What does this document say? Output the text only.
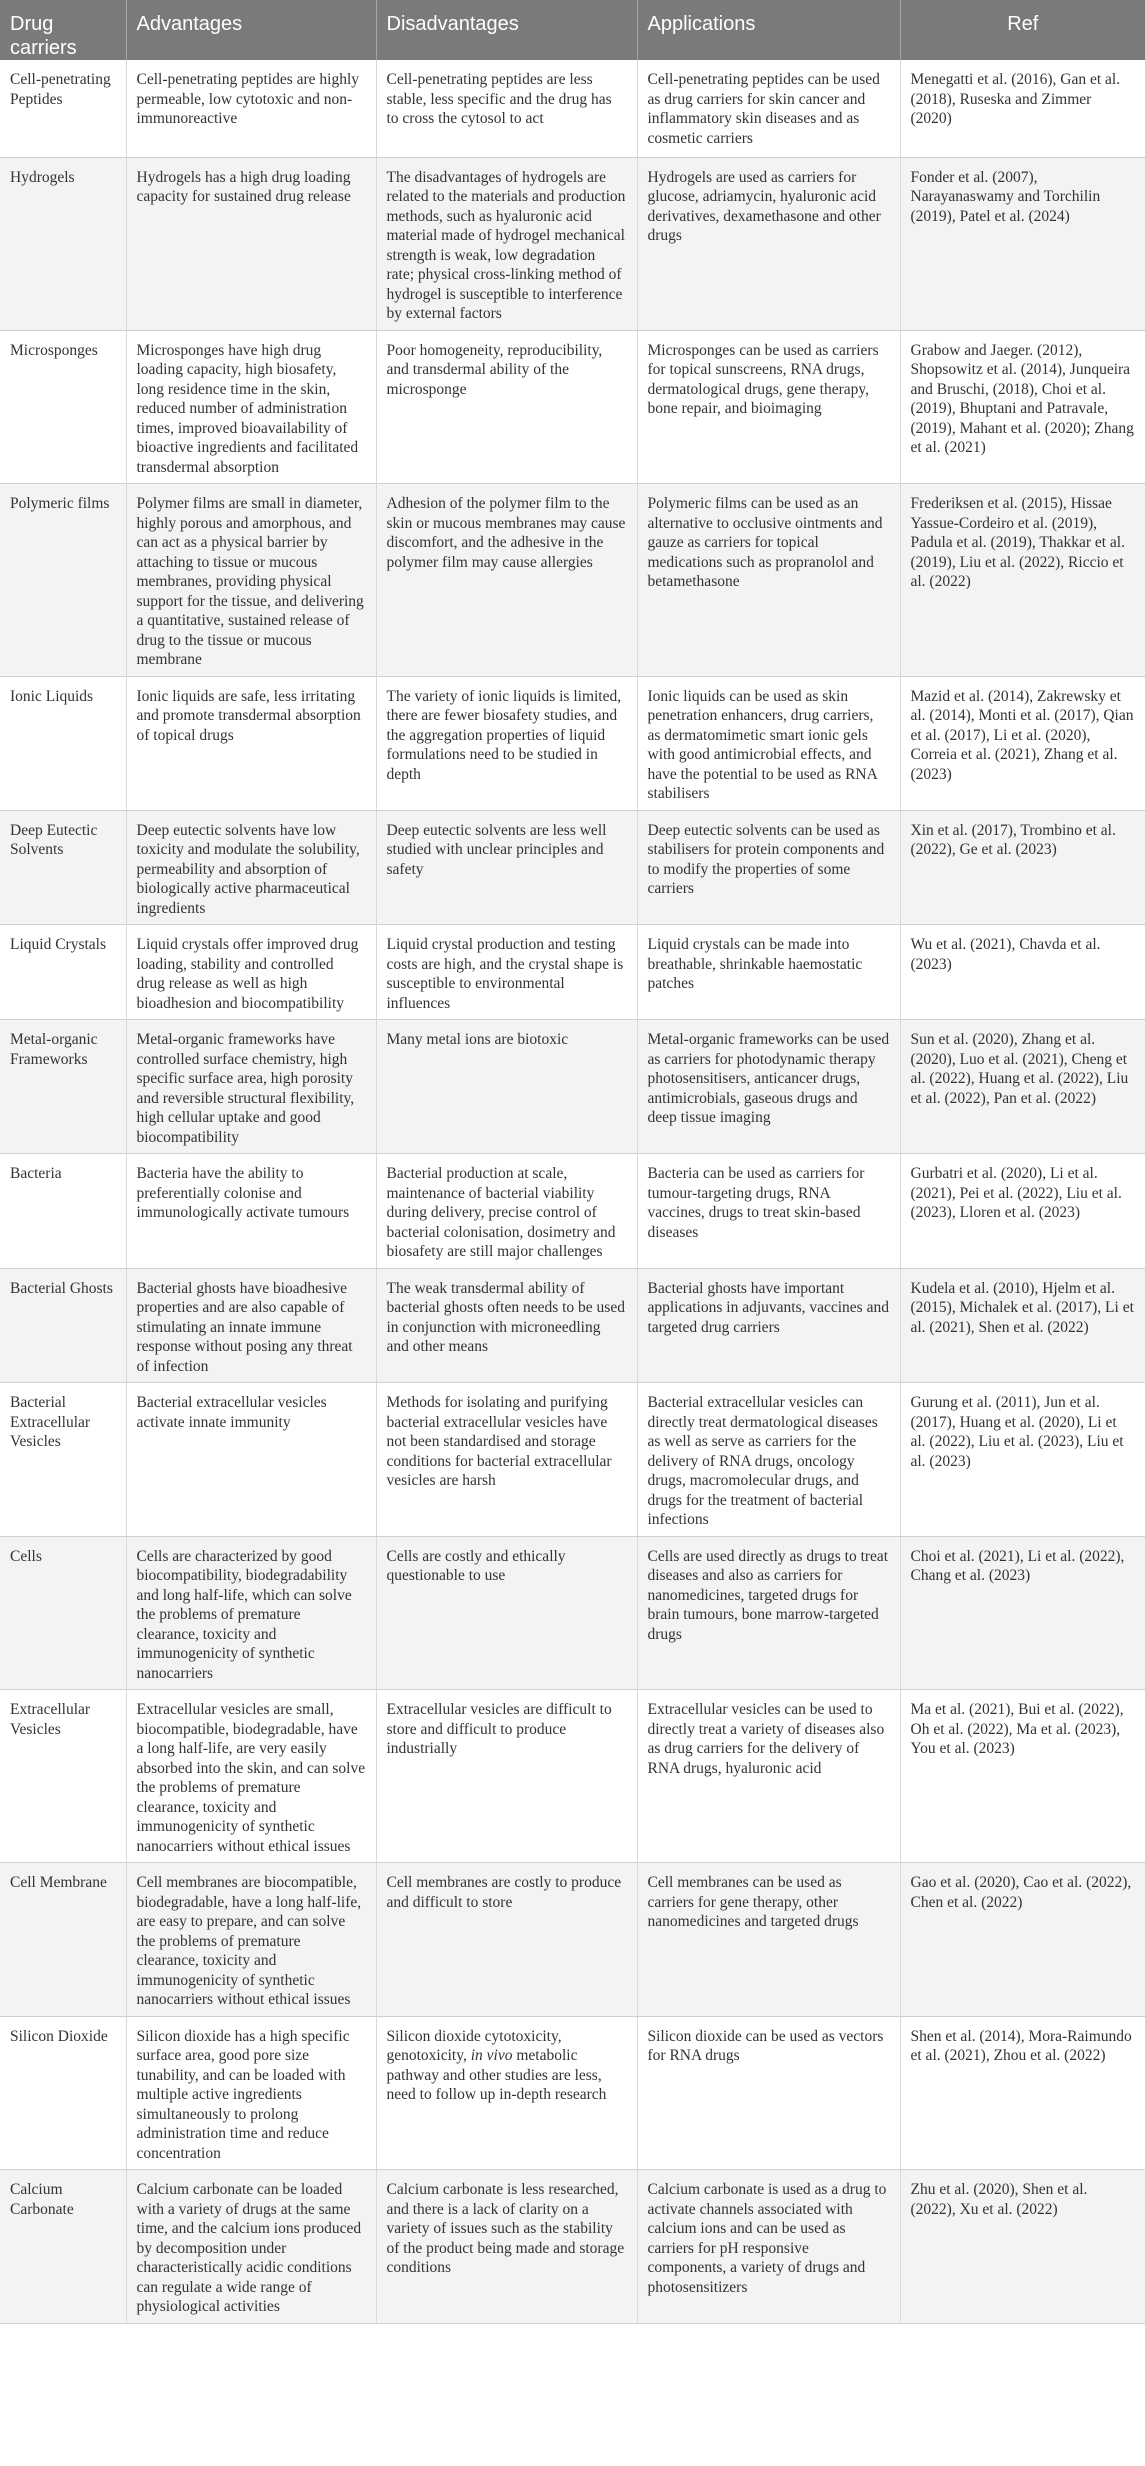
Drug carriers	Advantages	Disadvantages	Applications	Ref
Cell-penetrating Peptides	Cell-penetrating peptides are highly permeable, low cytotoxic and non-immunoreactive	Cell-penetrating peptides are less stable, less specific and the drug has to cross the cytosol to act	Cell-penetrating peptides can be used as drug carriers for skin cancer and inflammatory skin diseases and as cosmetic carriers	Menegatti et al. (2016), Gan et al. (2018), Ruseska and Zimmer (2020)
Hydrogels	Hydrogels has a high drug loading capacity for sustained drug release	The disadvantages of hydrogels are related to the materials and production methods, such as hyaluronic acid material made of hydrogel mechanical strength is weak, low degradation rate; physical cross-linking method of hydrogel is susceptible to interference by external factors	Hydrogels are used as carriers for glucose, adriamycin, hyaluronic acid derivatives, dexamethasone and other drugs	Fonder et al. (2007), Narayanaswamy and Torchilin (2019), Patel et al. (2024)
Microsponges	Microsponges have high drug loading capacity, high biosafety, long residence time in the skin, reduced number of administration times, improved bioavailability of bioactive ingredients and facilitated transdermal absorption	Poor homogeneity, reproducibility, and transdermal ability of the microsponge	Microsponges can be used as carriers for topical sunscreens, RNA drugs, dermatological drugs, gene therapy, bone repair, and bioimaging	Grabow and Jaeger. (2012), Shopsowitz et al. (2014), Junqueira and Bruschi, (2018), Choi et al. (2019), Bhuptani and Patravale, (2019), Mahant et al. (2020); Zhang et al. (2021)
Polymeric films	Polymer films are small in diameter, highly porous and amorphous, and can act as a physical barrier by attaching to tissue or mucous membranes, providing physical support for the tissue, and delivering a quantitative, sustained release of drug to the tissue or mucous membrane	Adhesion of the polymer film to the skin or mucous membranes may cause discomfort, and the adhesive in the polymer film may cause allergies	Polymeric films can be used as an alternative to occlusive ointments and gauze as carriers for topical medications such as propranolol and betamethasone	Frederiksen et al. (2015), Hissae Yassue-Cordeiro et al. (2019), Padula et al. (2019), Thakkar et al. (2019), Liu et al. (2022), Riccio et al. (2022)
Ionic Liquids	Ionic liquids are safe, less irritating and promote transdermal absorption of topical drugs	The variety of ionic liquids is limited, there are fewer biosafety studies, and the aggregation properties of liquid formulations need to be studied in depth	Ionic liquids can be used as skin penetration enhancers, drug carriers, as dermatomimetic smart ionic gels with good antimicrobial effects, and have the potential to be used as RNA stabilisers	Mazid et al. (2014), Zakrewsky et al. (2014), Monti et al. (2017), Qian et al. (2017), Li et al. (2020), Correia et al. (2021), Zhang et al. (2023)
Deep Eutectic Solvents	Deep eutectic solvents have low toxicity and modulate the solubility, permeability and absorption of biologically active pharmaceutical ingredients	Deep eutectic solvents are less well studied with unclear principles and safety	Deep eutectic solvents can be used as stabilisers for protein components and to modify the properties of some carriers	Xin et al. (2017), Trombino et al. (2022), Ge et al. (2023)
Liquid Crystals	Liquid crystals offer improved drug loading, stability and controlled drug release as well as high bioadhesion and biocompatibility	Liquid crystal production and testing costs are high, and the crystal shape is susceptible to environmental influences	Liquid crystals can be made into breathable, shrinkable haemostatic patches	Wu et al. (2021), Chavda et al. (2023)
Metal-organic Frameworks	Metal-organic frameworks have controlled surface chemistry, high specific surface area, high porosity and reversible structural flexibility, high cellular uptake and good biocompatibility	Many metal ions are biotoxic	Metal-organic frameworks can be used as carriers for photodynamic therapy photosensitisers, anticancer drugs, antimicrobials, gaseous drugs and deep tissue imaging	Sun et al. (2020), Zhang et al. (2020), Luo et al. (2021), Cheng et al. (2022), Huang et al. (2022), Liu et al. (2022), Pan et al. (2022)
Bacteria	Bacteria have the ability to preferentially colonise and immunologically activate tumours	Bacterial production at scale, maintenance of bacterial viability during delivery, precise control of bacterial colonisation, dosimetry and biosafety are still major challenges	Bacteria can be used as carriers for tumour-targeting drugs, RNA vaccines, drugs to treat skin-based diseases	Gurbatri et al. (2020), Li et al. (2021), Pei et al. (2022), Liu et al. (2023), Lloren et al. (2023)
Bacterial Ghosts	Bacterial ghosts have bioadhesive properties and are also capable of stimulating an innate immune response without posing any threat of infection	The weak transdermal ability of bacterial ghosts often needs to be used in conjunction with microneedling and other means	Bacterial ghosts have important applications in adjuvants, vaccines and targeted drug carriers	Kudela et al. (2010), Hjelm et al. (2015), Michalek et al. (2017), Li et al. (2021), Shen et al. (2022)
Bacterial Extracellular Vesicles	Bacterial extracellular vesicles activate innate immunity	Methods for isolating and purifying bacterial extracellular vesicles have not been standardised and storage conditions for bacterial extracellular vesicles are harsh	Bacterial extracellular vesicles can directly treat dermatological diseases as well as serve as carriers for the delivery of RNA drugs, oncology drugs, macromolecular drugs, and drugs for the treatment of bacterial infections	Gurung et al. (2011), Jun et al. (2017), Huang et al. (2020), Li et al. (2022), Liu et al. (2023), Liu et al. (2023)
Cells	Cells are characterized by good biocompatibility, biodegradability and long half-life, which can solve the problems of premature clearance, toxicity and immunogenicity of synthetic nanocarriers	Cells are costly and ethically questionable to use	Cells are used directly as drugs to treat diseases and also as carriers for nanomedicines, targeted drugs for brain tumours, bone marrow-targeted drugs	Choi et al. (2021), Li et al. (2022), Chang et al. (2023)
Extracellular Vesicles	Extracellular vesicles are small, biocompatible, biodegradable, have a long half-life, are very easily absorbed into the skin, and can solve the problems of premature clearance, toxicity and immunogenicity of synthetic nanocarriers without ethical issues	Extracellular vesicles are difficult to store and difficult to produce industrially	Extracellular vesicles can be used to directly treat a variety of diseases also as drug carriers for the delivery of RNA drugs, hyaluronic acid	Ma et al. (2021), Bui et al. (2022), Oh et al. (2022), Ma et al. (2023), You et al. (2023)
Cell Membrane	Cell membranes are biocompatible, biodegradable, have a long half-life, are easy to prepare, and can solve the problems of premature clearance, toxicity and immunogenicity of synthetic nanocarriers without ethical issues	Cell membranes are costly to produce and difficult to store	Cell membranes can be used as carriers for gene therapy, other nanomedicines and targeted drugs	Gao et al. (2020), Cao et al. (2022), Chen et al. (2022)
Silicon Dioxide	Silicon dioxide has a high specific surface area, good pore size tunability, and can be loaded with multiple active ingredients simultaneously to prolong administration time and reduce concentration	Silicon dioxide cytotoxicity, genotoxicity, in vivo metabolic pathway and other studies are less, need to follow up in-depth research	Silicon dioxide can be used as vectors for RNA drugs	Shen et al. (2014), Mora-Raimundo et al. (2021), Zhou et al. (2022)
Calcium Carbonate	Calcium carbonate can be loaded with a variety of drugs at the same time, and the calcium ions produced by decomposition under characteristically acidic conditions can regulate a wide range of physiological activities	Calcium carbonate is less researched, and there is a lack of clarity on a variety of issues such as the stability of the product being made and storage conditions	Calcium carbonate is used as a drug to activate channels associated with calcium ions and can be used as carriers for pH responsive components, a variety of drugs and photosensitizers	Zhu et al. (2020), Shen et al. (2022), Xu et al. (2022)
